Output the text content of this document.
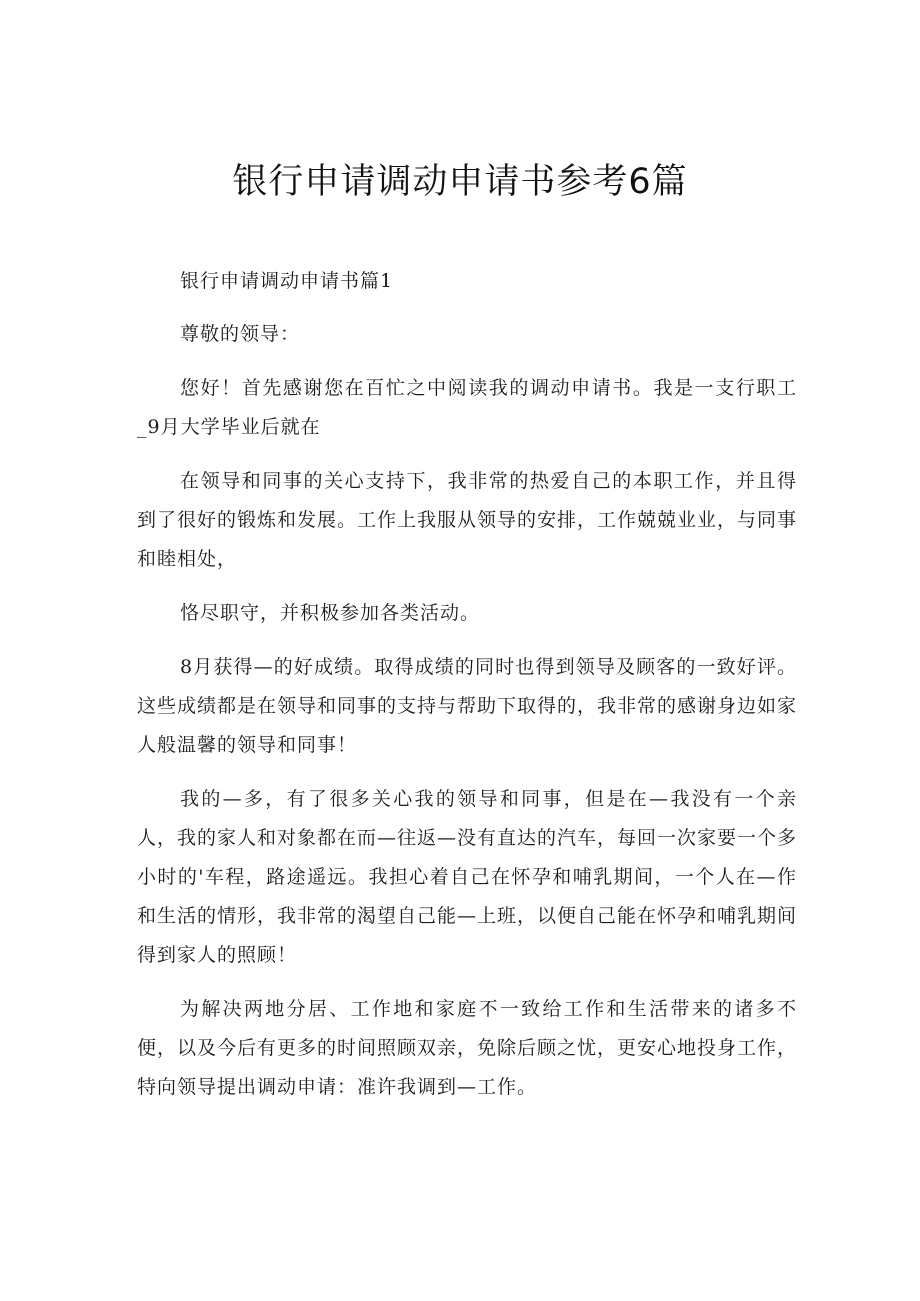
银行申请调动申请书参考6篇

银行申请调动申请书篇1

尊敬的领导：

您好！首先感谢您在百忙之中阅读我的调动申请书。我是一支行职工_9月大学毕业后就在

在领导和同事的关心支持下，我非常的热爱自己的本职工作，并且得到了很好的锻炼和发展。工作上我服从领导的安排，工作兢兢业业，与同事和睦相处，

恪尽职守，并积极参加各类活动。

8月获得—的好成绩。取得成绩的同时也得到领导及顾客的一致好评。这些成绩都是在领导和同事的支持与帮助下取得的，我非常的感谢身边如家人般温馨的领导和同事！

我的—多，有了很多关心我的领导和同事，但是在—我没有一个亲人，我的家人和对象都在而—往返—没有直达的汽车，每回一次家要一个多小时的'车程，路途遥远。我担心着自己在怀孕和哺乳期间，一个人在—作和生活的情形，我非常的渴望自己能—上班，以便自己能在怀孕和哺乳期间得到家人的照顾！

为解决两地分居、工作地和家庭不一致给工作和生活带来的诸多不便，以及今后有更多的时间照顾双亲，免除后顾之忧，更安心地投身工作，特向领导提出调动申请：准许我调到—工作。
